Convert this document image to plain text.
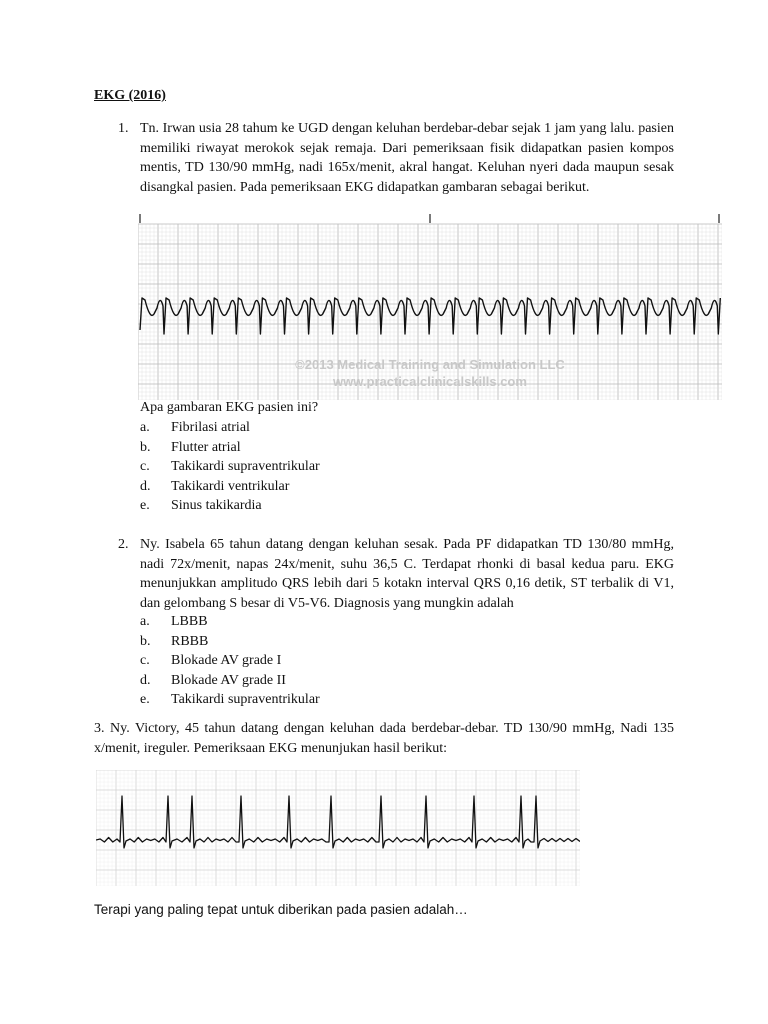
EKG (2016)
1. Tn. Irwan usia 28 tahum ke UGD dengan keluhan berdebar-debar sejak 1 jam yang lalu. pasien memiliki riwayat merokok sejak remaja. Dari pemeriksaan fisik didapatkan pasien kompos mentis, TD 130/90 mmHg, nadi 165x/menit, akral hangat. Keluhan nyeri dada maupun sesak disangkal pasien. Pada pemeriksaan EKG didapatkan gambaran sebagai berikut.
©2013 Medical Training and Simulation LLC
www.practicalclinicalskills.com
Apa gambaran EKG pasien ini?
a. Fibrilasi atrial
b. Flutter atrial
c. Takikardi supraventrikular
d. Takikardi ventrikular
e. Sinus takikardia
2. Ny. Isabela 65 tahun datang dengan keluhan sesak. Pada PF didapatkan TD 130/80 mmHg, nadi 72x/menit, napas 24x/menit, suhu 36,5 C. Terdapat rhonki di basal kedua paru. EKG menunjukkan amplitudo QRS lebih dari 5 kotakn interval QRS 0,16 detik, ST terbalik di V1, dan gelombang S besar di V5-V6. Diagnosis yang mungkin adalah
a. LBBB
b. RBBB
c. Blokade AV grade I
d. Blokade AV grade II
e. Takikardi supraventrikular
3. Ny. Victory, 45 tahun datang dengan keluhan dada berdebar-debar. TD 130/90 mmHg, Nadi 135 x/menit, ireguler. Pemeriksaan EKG menunjukan hasil berikut:
Terapi yang paling tepat untuk diberikan pada pasien adalah…
